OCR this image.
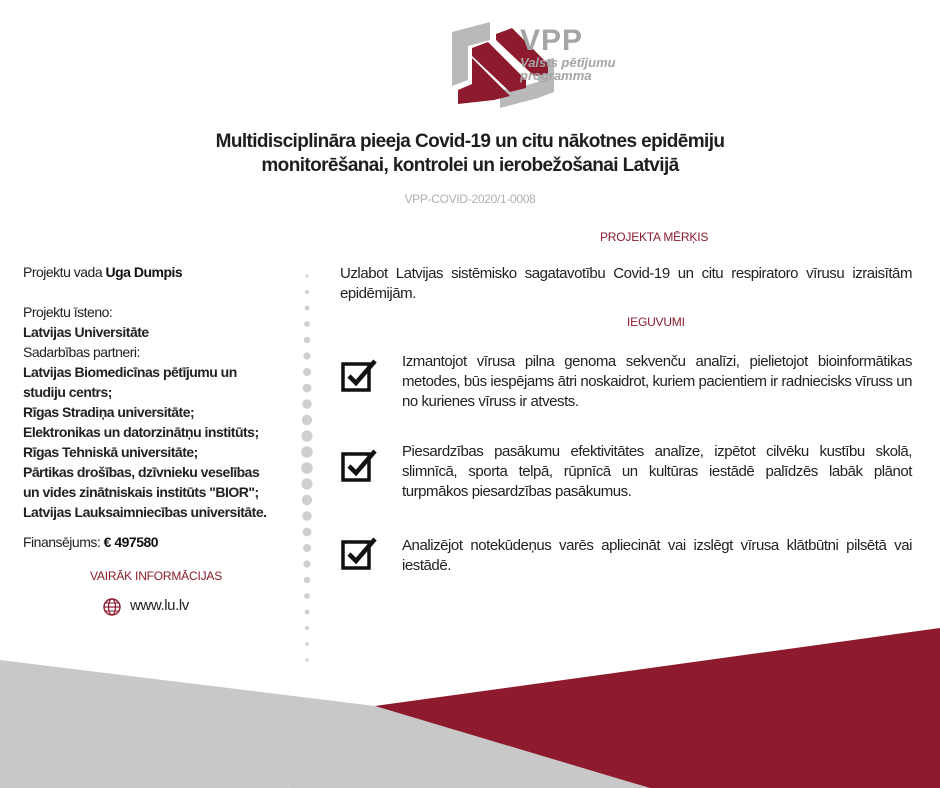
VPP
Valsts pētījumu
programma
Multidisciplināra pieeja Covid-19 un citu nākotnes epidēmiju
monitorēšanai, kontrolei un ierobežošanai Latvijā
VPP-COVID-2020/1-0008
Projektu vada Uga Dumpis
Projektu īsteno:
Latvijas Universitāte
Sadarbības partneri:
Latvijas Biomedicīnas pētījumu un
studiju centrs;
Rīgas Stradiņa universitāte;
Elektronikas un datorzinātņu institūts;
Rīgas Tehniskā universitāte;
Pārtikas drošības, dzīvnieku veselības
un vides zinātniskais institūts "BIOR";
Latvijas Lauksaimniecības universitāte.
Finansējums: € 497580
VAIRĀK INFORMĀCIJAS
www.lu.lv
PROJEKTA MĒRĶIS
Uzlabot Latvijas sistēmisko sagatavotību Covid-19 un citu respiratoro vīrusu izraisītām epidēmijām.
IEGUVUMI
Izmantojot vīrusa pilna genoma sekvenču analīzi, pielietojot bioinformātikas metodes, būs iespējams ātri noskaidrot, kuriem pacientiem ir radniecisks vīruss un no kurienes vīruss ir atvests.
Piesardzības pasākumu efektivitātes analīze, izpētot cilvēku kustību skolā, slimnīcā, sporta telpā, rūpnīcā un kultūras iestādē palīdzēs labāk plānot turpmākos piesardzības pasākumus.
Analizējot notekūdeņus varēs apliecināt vai izslēgt vīrusa klātbūtni pilsētā vai iestādē.
